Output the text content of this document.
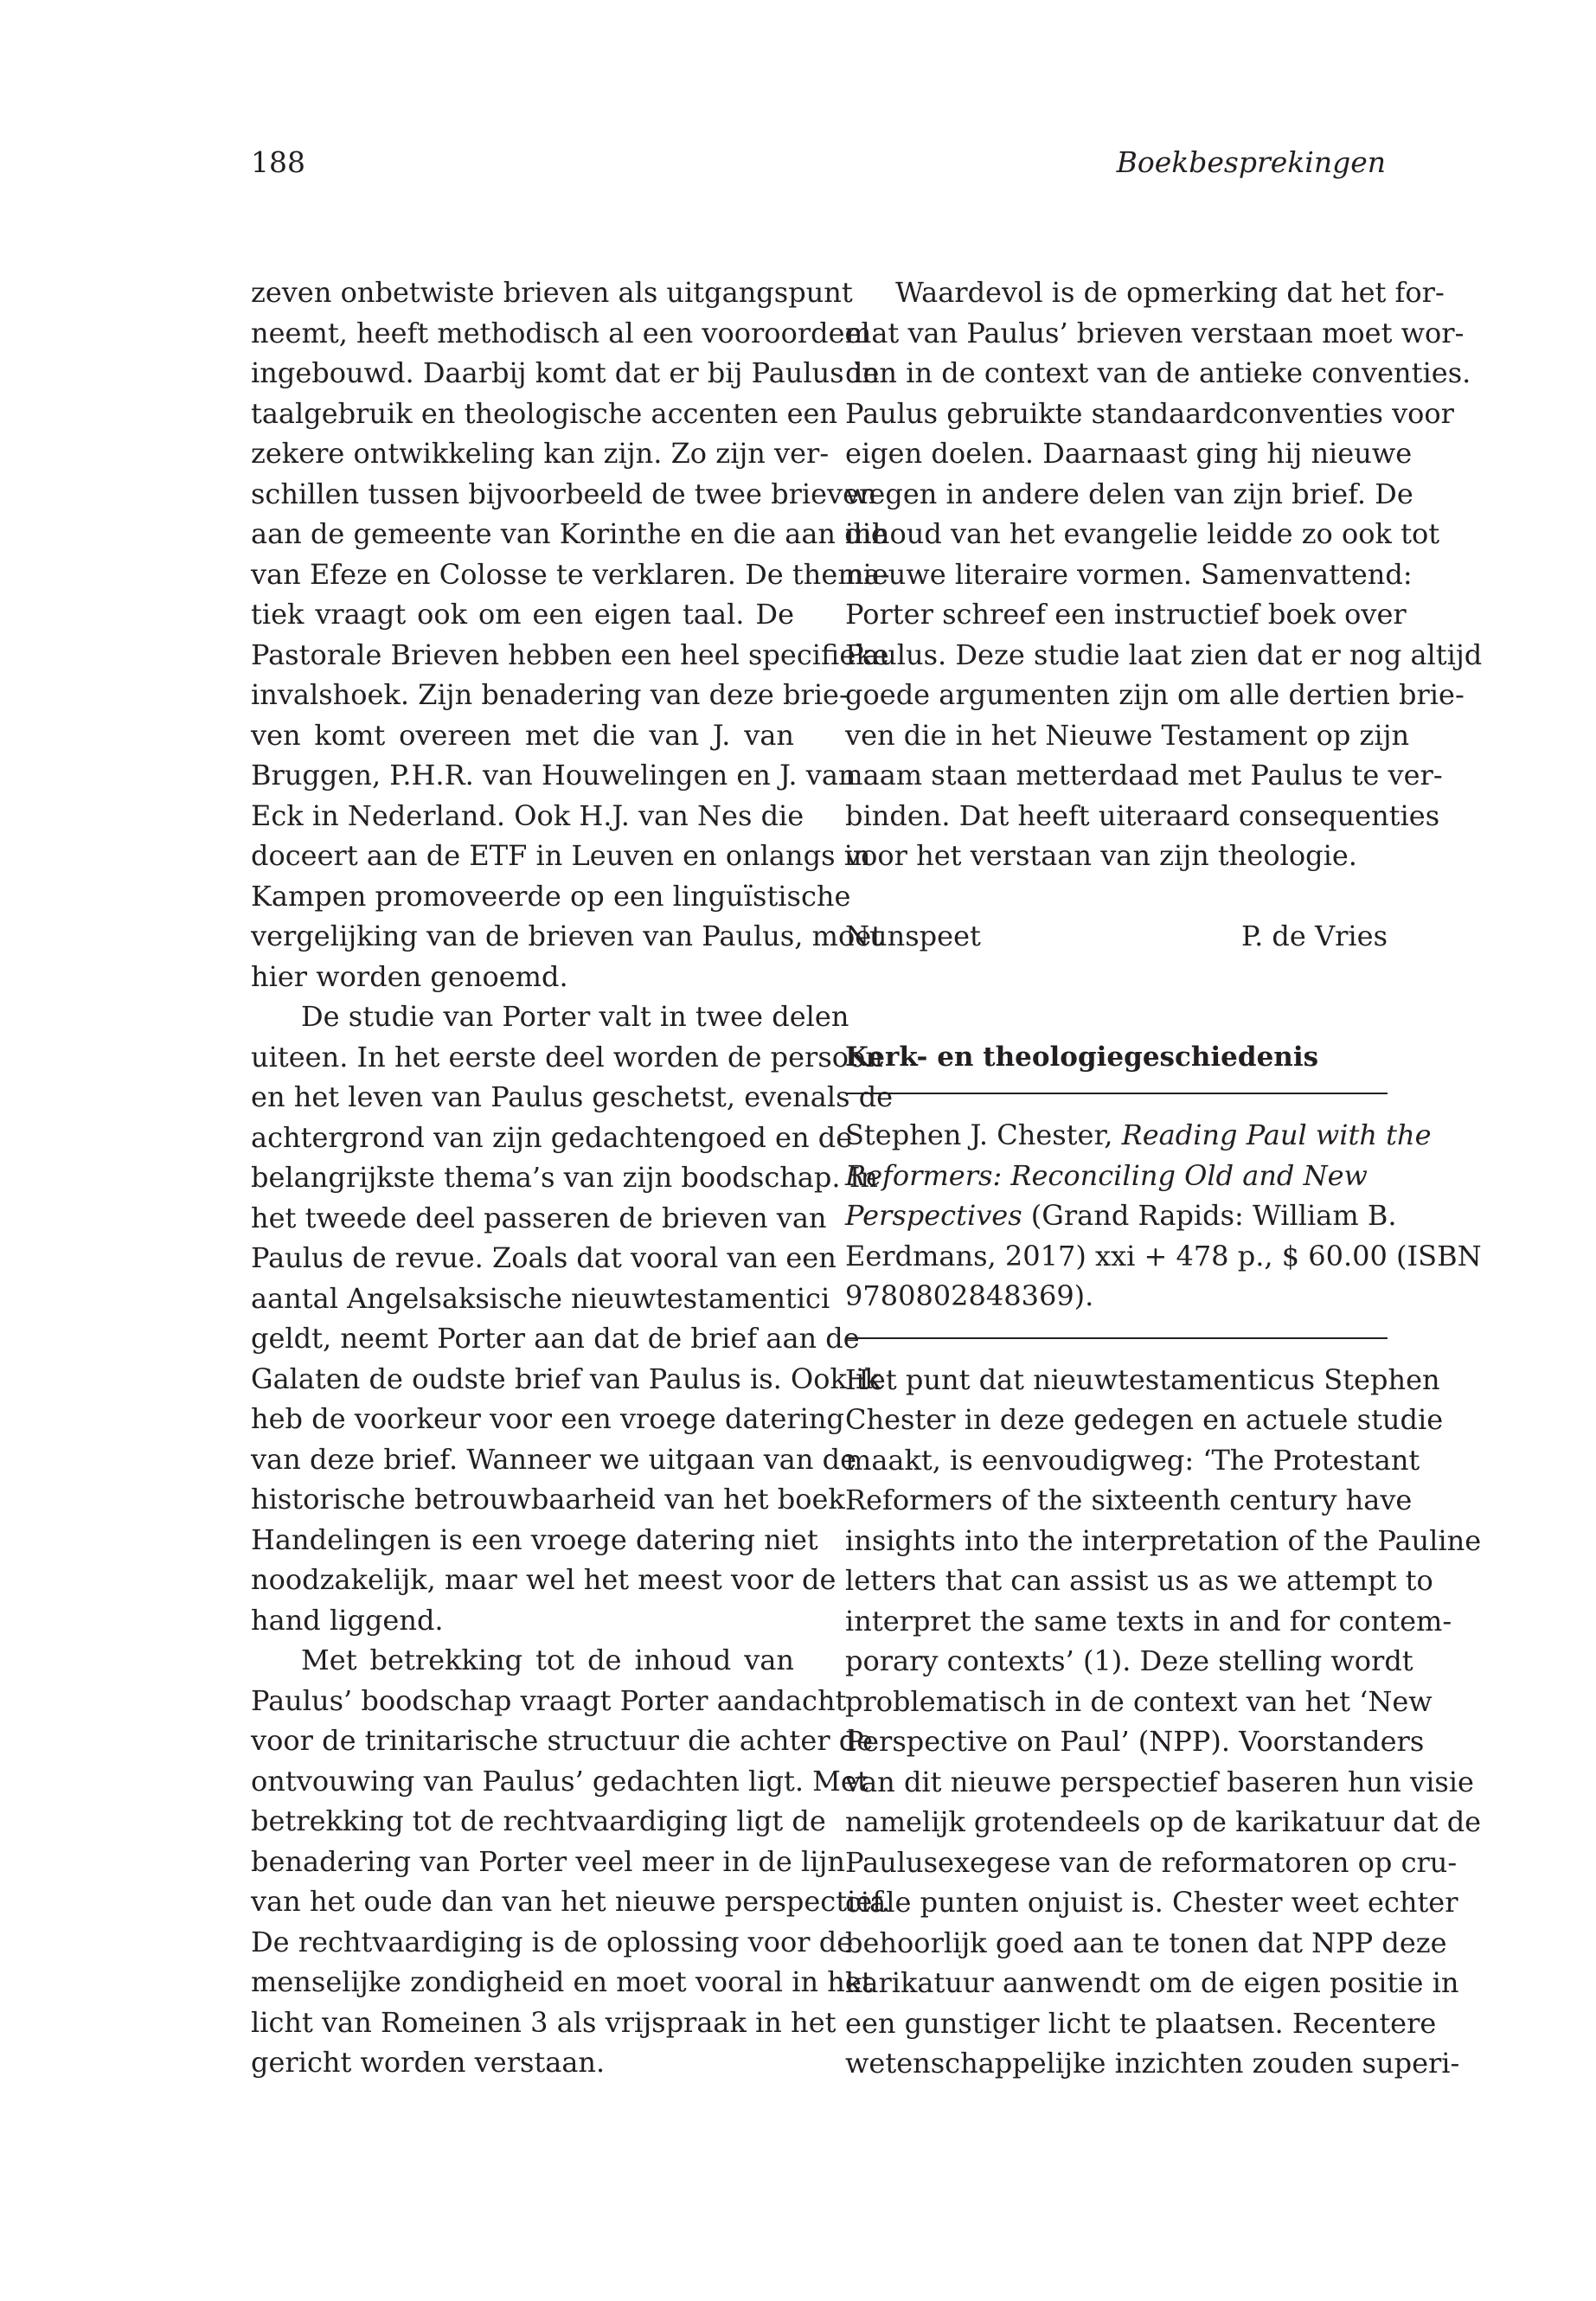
188	Boekbesprekingen
zeven onbetwiste brieven als uitgangspunt
neemt, heeft methodisch al een vooroordeel
ingebouwd. Daarbij komt dat er bij Paulus in
taalgebruik en theologische accenten een
zekere ontwikkeling kan zijn. Zo zijn ver-
schillen tussen bijvoorbeeld de twee brieven
aan de gemeente van Korinthe en die aan die
van Efeze en Colosse te verklaren. De thema-
tiek vraagt ook om een eigen taal. De
Pastorale Brieven hebben een heel specifieke
invalshoek. Zijn benadering van deze brie-
ven komt overeen met die van J. van
Bruggen, P.H.R. van Houwelingen en J. van
Eck in Nederland. Ook H.J. van Nes die
doceert aan de ETF in Leuven en onlangs in
Kampen promoveerde op een linguïstische
vergelijking van de brieven van Paulus, moet
hier worden genoemd.
De studie van Porter valt in twee delen
uiteen. In het eerste deel worden de persoon
en het leven van Paulus geschetst, evenals de
achtergrond van zijn gedachtengoed en de
belangrijkste thema’s van zijn boodschap. In
het tweede deel passeren de brieven van
Paulus de revue. Zoals dat vooral van een
aantal Angelsaksische nieuwtestamentici
geldt, neemt Porter aan dat de brief aan de
Galaten de oudste brief van Paulus is. Ook ik
heb de voorkeur voor een vroege datering
van deze brief. Wanneer we uitgaan van de
historische betrouwbaarheid van het boek
Handelingen is een vroege datering niet
noodzakelijk, maar wel het meest voor de
hand liggend.
Met betrekking tot de inhoud van
Paulus’ boodschap vraagt Porter aandacht
voor de trinitarische structuur die achter de
ontvouwing van Paulus’ gedachten ligt. Met
betrekking tot de rechtvaardiging ligt de
benadering van Porter veel meer in de lijn
van het oude dan van het nieuwe perspectief.
De rechtvaardiging is de oplossing voor de
menselijke zondigheid en moet vooral in het
licht van Romeinen 3 als vrijspraak in het
gericht worden verstaan.
Waardevol is de opmerking dat het for-
mat van Paulus’ brieven verstaan moet wor-
den in de context van de antieke conventies.
Paulus gebruikte standaardconventies voor
eigen doelen. Daarnaast ging hij nieuwe
wegen in andere delen van zijn brief. De
inhoud van het evangelie leidde zo ook tot
nieuwe literaire vormen. Samenvattend:
Porter schreef een instructief boek over
Paulus. Deze studie laat zien dat er nog altijd
goede argumenten zijn om alle dertien brie-
ven die in het Nieuwe Testament op zijn
naam staan metterdaad met Paulus te ver-
binden. Dat heeft uiteraard consequenties
voor het verstaan van zijn theologie.
Nunspeet	P. de Vries
Kerk- en theologiegeschiedenis
Stephen J. Chester, Reading Paul with the
Reformers: Reconciling Old and New
Perspectives (Grand Rapids: William B.
Eerdmans, 2017) xxi + 478 p., $ 60.00 (ISBN
9780802848369).
Het punt dat nieuwtestamenticus Stephen
Chester in deze gedegen en actuele studie
maakt, is eenvoudigweg: ‘The Protestant
Reformers of the sixteenth century have
insights into the interpretation of the Pauline
letters that can assist us as we attempt to
interpret the same texts in and for contem-
porary contexts’ (1). Deze stelling wordt
problematisch in de context van het ‘New
Perspective on Paul’ (NPP). Voorstanders
van dit nieuwe perspectief baseren hun visie
namelijk grotendeels op de karikatuur dat de
Paulusexegese van de reformatoren op cru-
ciale punten onjuist is. Chester weet echter
behoorlijk goed aan te tonen dat NPP deze
karikatuur aanwendt om de eigen positie in
een gunstiger licht te plaatsen. Recentere
wetenschappelijke inzichten zouden superi-
